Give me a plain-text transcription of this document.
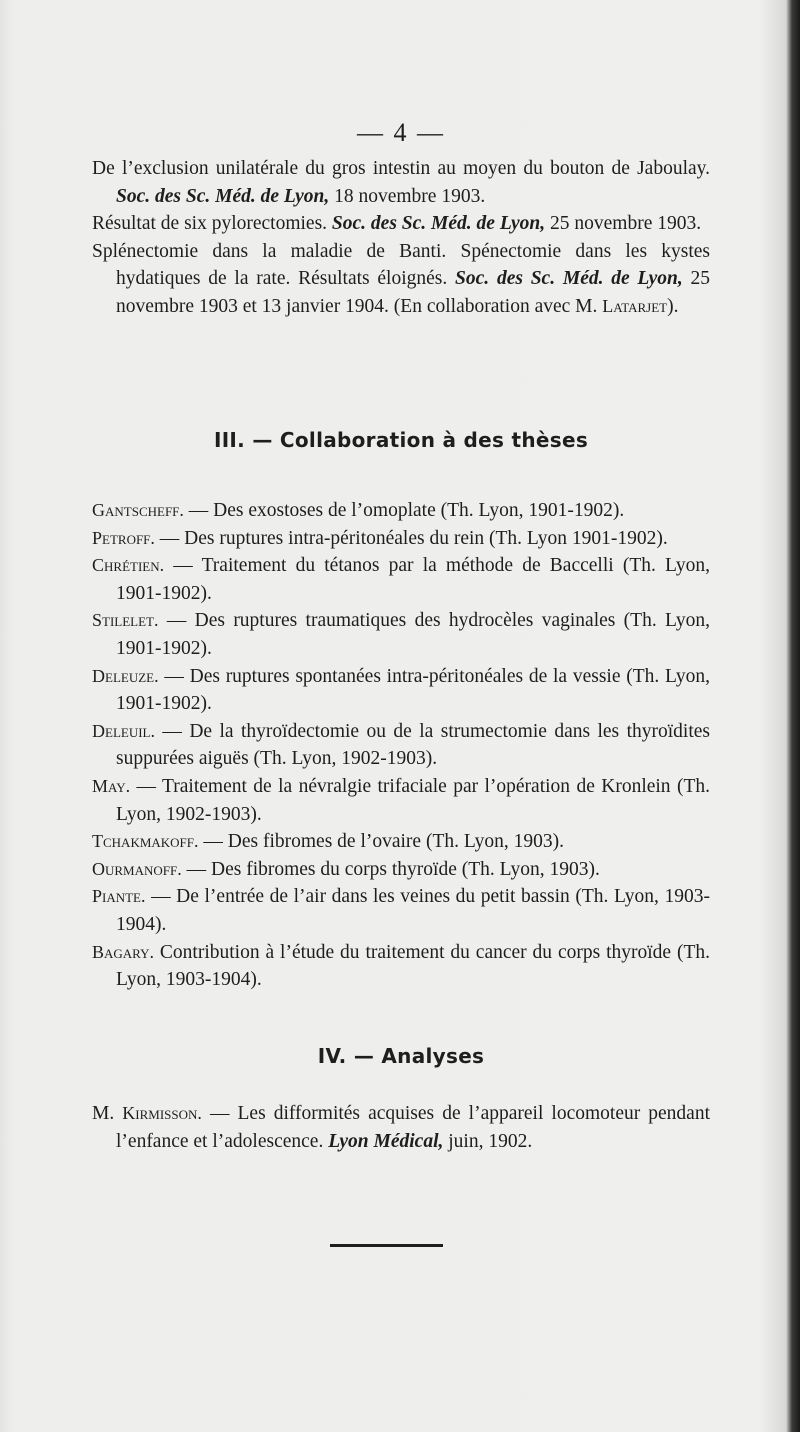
— 4 —

De l’exclusion unilatérale du gros intestin au moyen du bouton de Jaboulay. Soc. des Sc. Méd. de Lyon, 18 novembre 1903.

Résultat de six pylorectomies. Soc. des Sc. Méd. de Lyon, 25 novembre 1903.

Splénectomie dans la maladie de Banti. Spénectomie dans les kystes hydatiques de la rate. Résultats éloignés. Soc. des Sc. Méd. de Lyon, 25 novembre 1903 et 13 janvier 1904. (En collaboration avec M. Latarjet).

III. — Collaboration à des thèses

Gantscheff. — Des exostoses de l’omoplate (Th. Lyon, 1901-1902).

Petroff. — Des ruptures intra-péritonéales du rein (Th. Lyon 1901-1902).

Chrétien. — Traitement du tétanos par la méthode de Baccelli (Th. Lyon, 1901-1902).

Stilelet. — Des ruptures traumatiques des hydrocèles vaginales (Th. Lyon, 1901-1902).

Deleuze. — Des ruptures spontanées intra-péritonéales de la vessie (Th. Lyon, 1901-1902).

Deleuil. — De la thyroïdectomie ou de la strumectomie dans les thyroïdites suppurées aiguës (Th. Lyon, 1902-1903).

May. — Traitement de la névralgie trifaciale par l’opération de Kronlein (Th. Lyon, 1902-1903).

Tchakmakoff. — Des fibromes de l’ovaire (Th. Lyon, 1903).

Ourmanoff. — Des fibromes du corps thyroïde (Th. Lyon, 1903).

Piante. — De l’entrée de l’air dans les veines du petit bassin (Th. Lyon, 1903-1904).

Bagary. Contribution à l’étude du traitement du cancer du corps thyroïde (Th. Lyon, 1903-1904).

IV. — Analyses

M. Kirmisson. — Les difformités acquises de l’appareil locomoteur pendant l’enfance et l’adolescence. Lyon Médical, juin, 1902.
